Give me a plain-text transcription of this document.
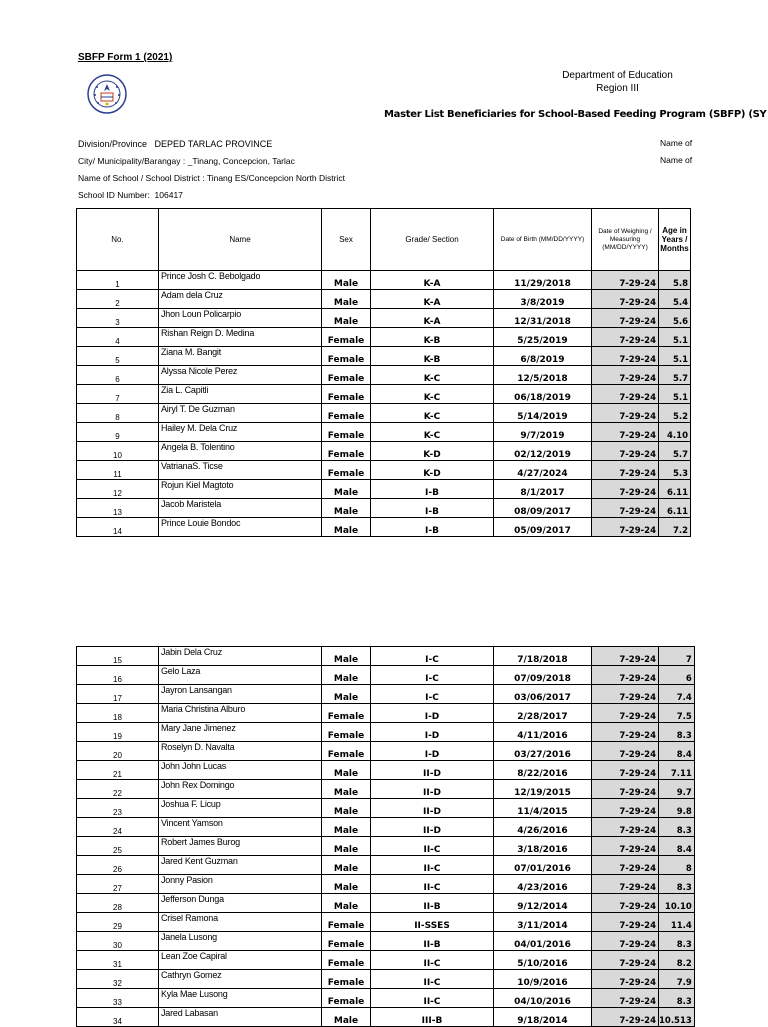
SBFP Form 1 (2021)
Department of Education
Region III
Master List Beneficiaries for School-Based Feeding Program (SBFP) (SY
Division/Province DEPED TARLAC PROVINCE
City/ Municipality/Barangay : _Tinang, Concepcion, Tarlac
Name of School / School District : Tinang ES/Concepcion North District
School ID Number: 106417
Name of
Name of
No.	Name	Sex	Grade/ Section	Date of Birth (MM/DD/YYYY)	Date of Weighing / Measuring (MM/DD/YYYY)	Age in Years / Months
1	Prince Josh C. Bebolgado	Male	K-A	11/29/2018	7-29-24	5.8
2	Adam dela Cruz	Male	K-A	3/8/2019	7-29-24	5.4
3	Jhon Loun Policarpio	Male	K-A	12/31/2018	7-29-24	5.6
4	Rishan Reign D. Medina	Female	K-B	5/25/2019	7-29-24	5.1
5	Ziana M. Bangit	Female	K-B	6/8/2019	7-29-24	5.1
6	Alyssa Nicole Perez	Female	K-C	12/5/2018	7-29-24	5.7
7	Zia L. Capitli	Female	K-C	06/18/2019	7-29-24	5.1
8	Airyl T. De Guzman	Female	K-C	5/14/2019	7-29-24	5.2
9	Hailey M. Dela Cruz	Female	K-C	9/7/2019	7-29-24	4.10
10	Angela B. Tolentino	Female	K-D	02/12/2019	7-29-24	5.7
11	VatrianaS. Ticse	Female	K-D	4/27/2024	7-29-24	5.3
12	Rojun Kiel Magtoto	Male	I-B	8/1/2017	7-29-24	6.11
13	Jacob Maristela	Male	I-B	08/09/2017	7-29-24	6.11
14	Prince Louie Bondoc	Male	I-B	05/09/2017	7-29-24	7.2
15	Jabin Dela Cruz	Male	I-C	7/18/2018	7-29-24	7
16	Gelo Laza	Male	I-C	07/09/2018	7-29-24	6
17	Jayron Lansangan	Male	I-C	03/06/2017	7-29-24	7.4
18	Maria Christina Alburo	Female	I-D	2/28/2017	7-29-24	7.5
19	Mary Jane Jimenez	Female	I-D	4/11/2016	7-29-24	8.3
20	Roselyn D. Navalta	Female	I-D	03/27/2016	7-29-24	8.4
21	John John Lucas	Male	II-D	8/22/2016	7-29-24	7.11
22	John Rex Domingo	Male	II-D	12/19/2015	7-29-24	9.7
23	Joshua F. Licup	Male	II-D	11/4/2015	7-29-24	9.8
24	Vincent Yamson	Male	II-D	4/26/2016	7-29-24	8.3
25	Robert James Burog	Male	II-C	3/18/2016	7-29-24	8.4
26	Jared Kent Guzman	Male	II-C	07/01/2016	7-29-24	8
27	Jonny Pasion	Male	II-C	4/23/2016	7-29-24	8.3
28	Jefferson Dunga	Male	II-B	9/12/2014	7-29-24	10.10
29	Crisel Ramona	Female	II-SSES	3/11/2014	7-29-24	11.4
30	Janela Lusong	Female	II-B	04/01/2016	7-29-24	8.3
31	Lean Zoe Capiral	Female	II-C	5/10/2016	7-29-24	8.2
32	Cathryn Gomez	Female	II-C	10/9/2016	7-29-24	7.9
33	Kyla Mae Lusong	Female	II-C	04/10/2016	7-29-24	8.3
34	Jared Labasan	Male	III-B	9/18/2014	7-29-24	10.513
